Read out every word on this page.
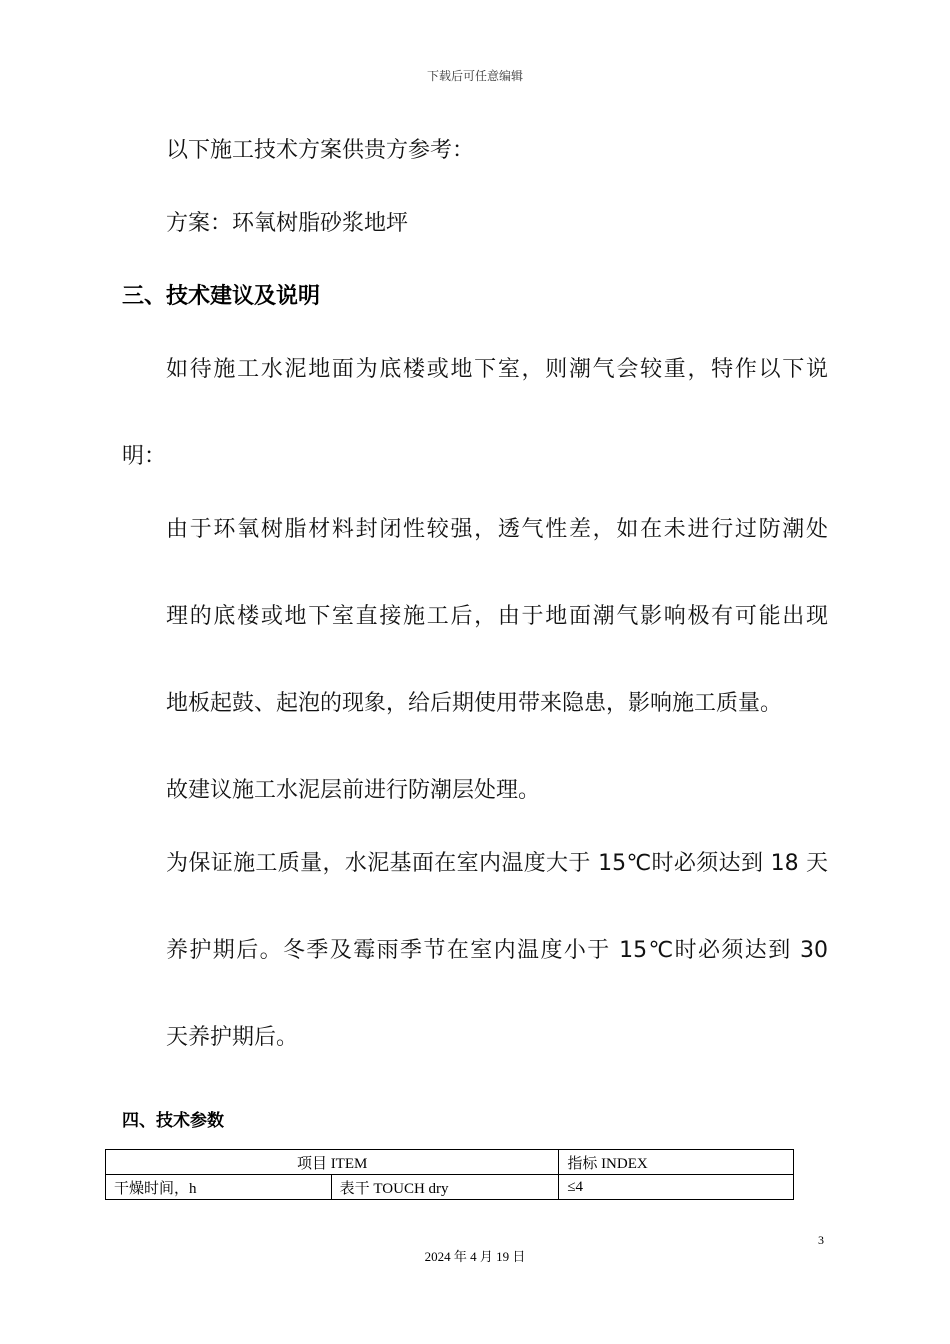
下载后可任意编辑
以下施工技术方案供贵方参考：
方案：环氧树脂砂浆地坪
三、技术建议及说明
如待施工水泥地面为底楼或地下室，则潮气会较重，特作以下说
明：
由于环氧树脂材料封闭性较强，透气性差，如在未进行过防潮处
理的底楼或地下室直接施工后，由于地面潮气影响极有可能出现
地板起鼓、起泡的现象，给后期使用带来隐患，影响施工质量。
故建议施工水泥层前进行防潮层处理。
为保证施工质量，水泥基面在室内温度大于 15℃时必须达到 18 天
养护期后。冬季及霉雨季节在室内温度小于 15℃时必须达到 30
天养护期后。
四、技术参数
项目 ITEM		指标 INDEX
干燥时间，h	表干 TOUCH dry	≤4
3
2024 年 4 月 19 日
